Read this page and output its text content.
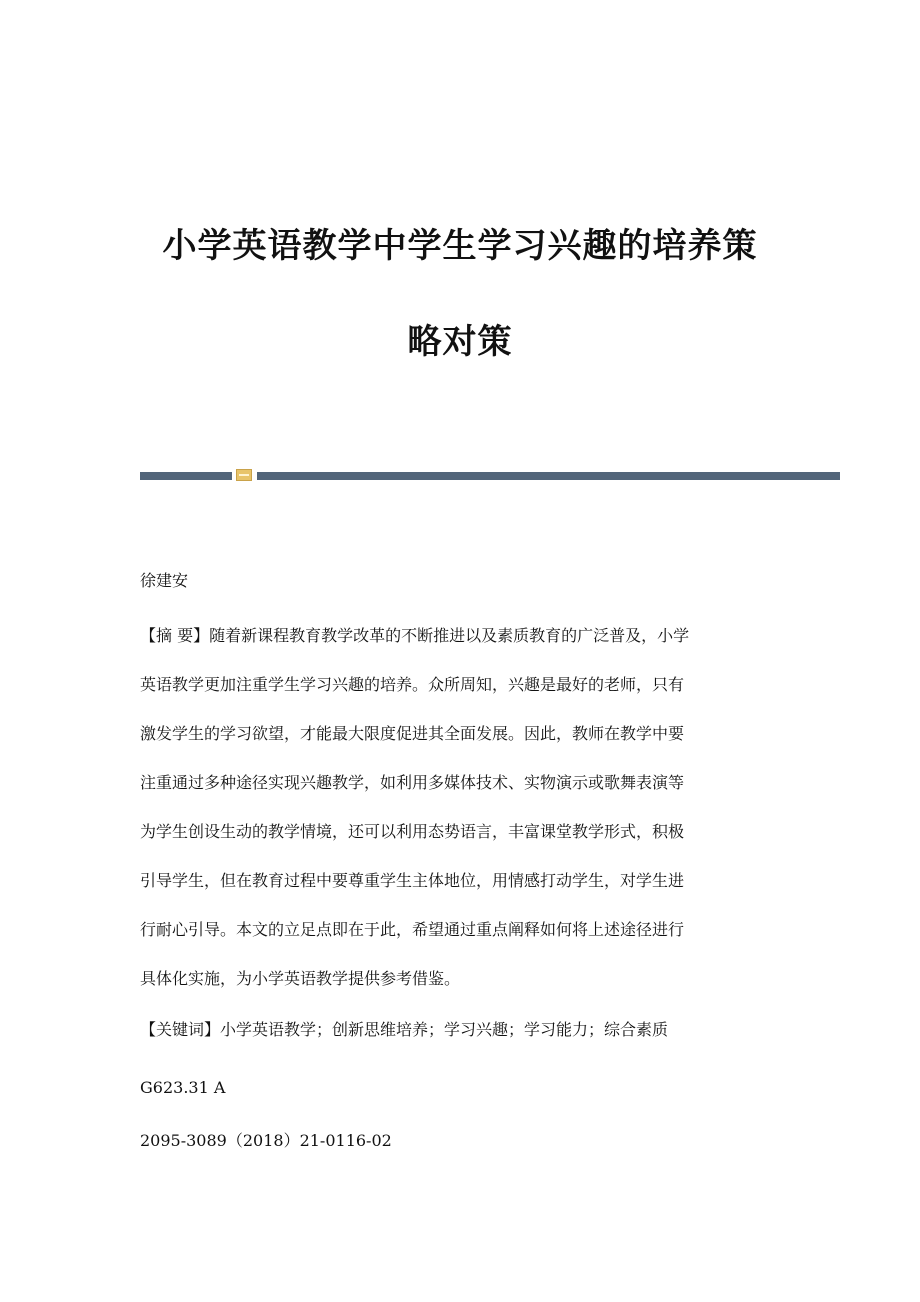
小学英语教学中学生学习兴趣的培养策
略对策
徐建安
【摘 要】随着新课程教育教学改革的不断推进以及素质教育的广泛普及，小学
英语教学更加注重学生学习兴趣的培养。众所周知，兴趣是最好的老师，只有
激发学生的学习欲望，才能最大限度促进其全面发展。因此，教师在教学中要
注重通过多种途径实现兴趣教学，如利用多媒体技术、实物演示或歌舞表演等
为学生创设生动的教学情境，还可以利用态势语言，丰富课堂教学形式，积极
引导学生，但在教育过程中要尊重学生主体地位，用情感打动学生，对学生进
行耐心引导。本文的立足点即在于此，希望通过重点阐释如何将上述途径进行
具体化实施，为小学英语教学提供参考借鉴。
【关键词】小学英语教学；创新思维培养；学习兴趣；学习能力；综合素质
G623.31 A
2095-3089（2018）21-0116-02
